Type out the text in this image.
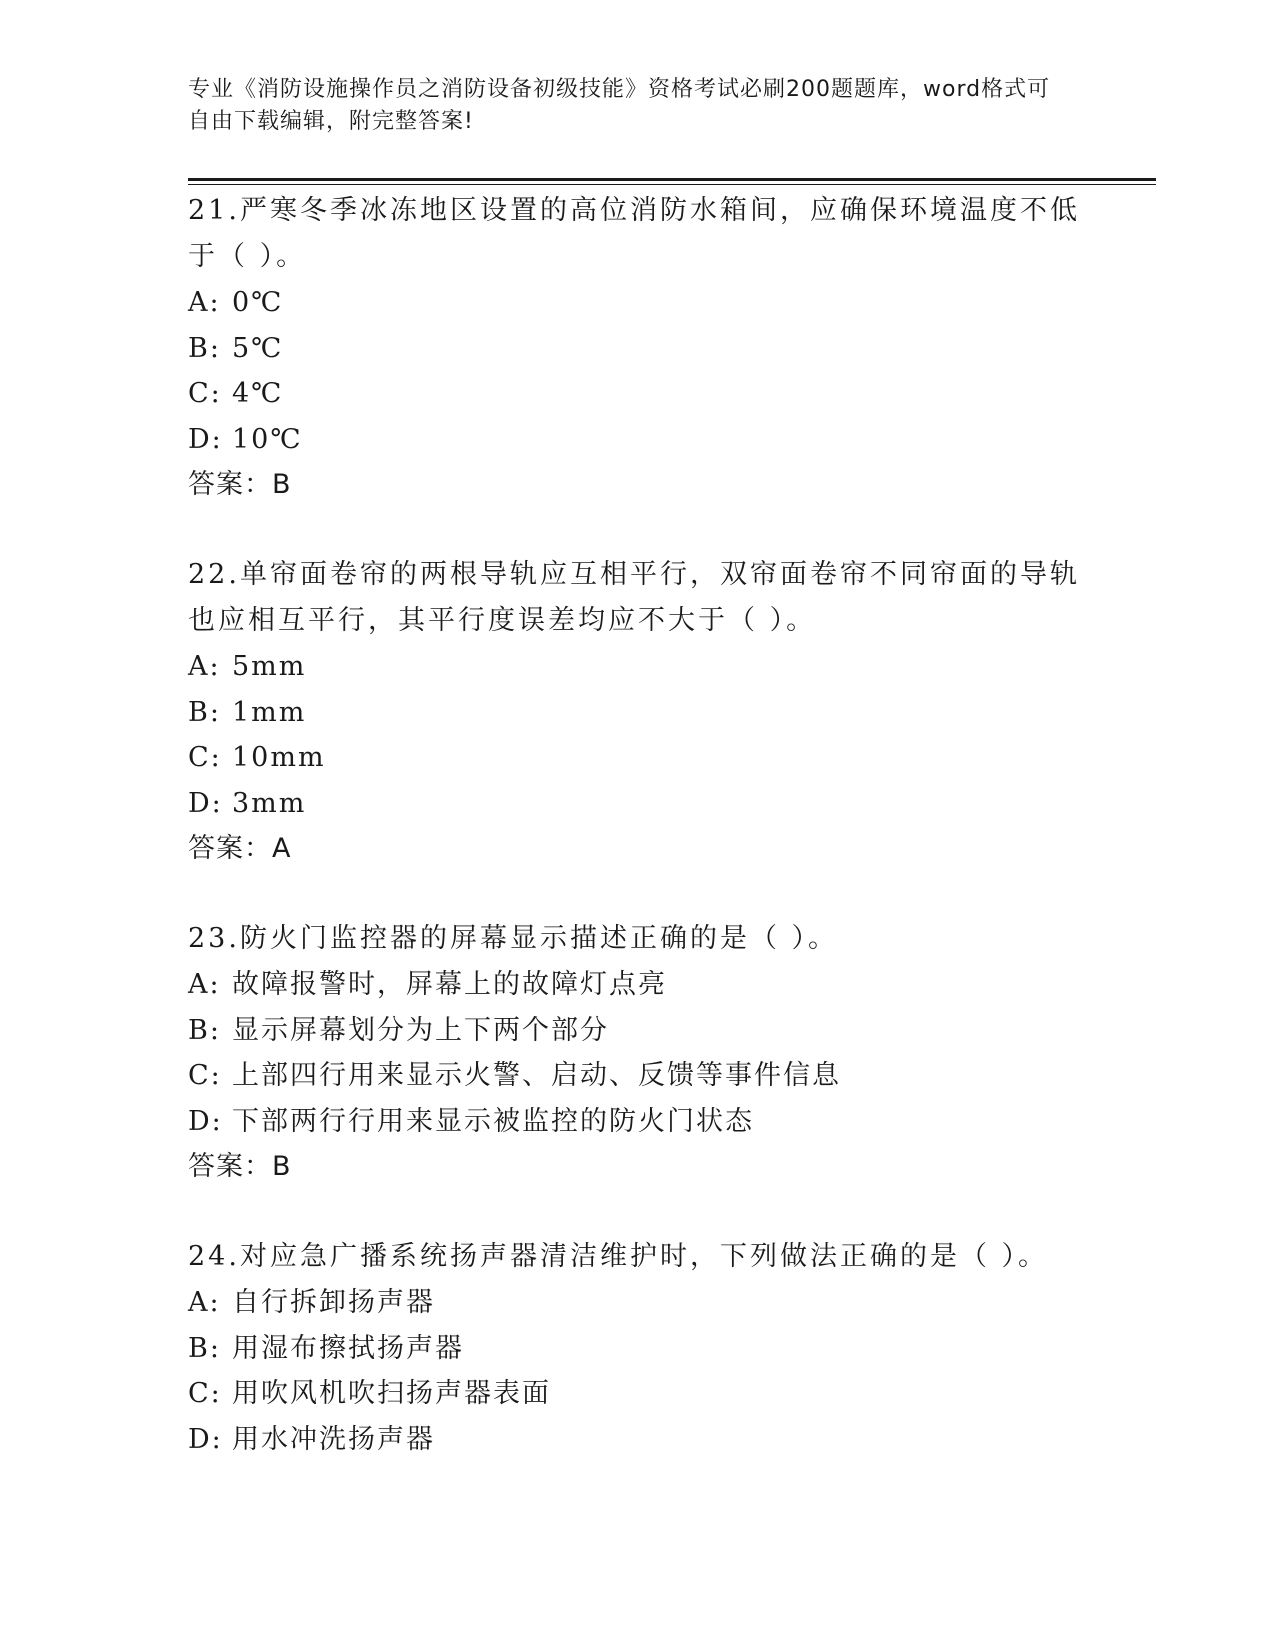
专业《消防设施操作员之消防设备初级技能》资格考试必刷200题题库，word格式可自由下载编辑，附完整答案!
21.严寒冬季冰冻地区设置的高位消防水箱间，应确保环境温度不低于（ ）。
A: 0℃
B: 5℃
C: 4℃
D: 10℃
答案：B
22.单帘面卷帘的两根导轨应互相平行，双帘面卷帘不同帘面的导轨也应相互平行，其平行度误差均应不大于（ ）。
A: 5mm
B: 1mm
C: 10mm
D: 3mm
答案：A
23.防火门监控器的屏幕显示描述正确的是（ ）。
A: 故障报警时，屏幕上的故障灯点亮
B: 显示屏幕划分为上下两个部分
C: 上部四行用来显示火警、启动、反馈等事件信息
D: 下部两行行用来显示被监控的防火门状态
答案：B
24.对应急广播系统扬声器清洁维护时，下列做法正确的是（ ）。
A: 自行拆卸扬声器
B: 用湿布擦拭扬声器
C: 用吹风机吹扫扬声器表面
D: 用水冲洗扬声器
